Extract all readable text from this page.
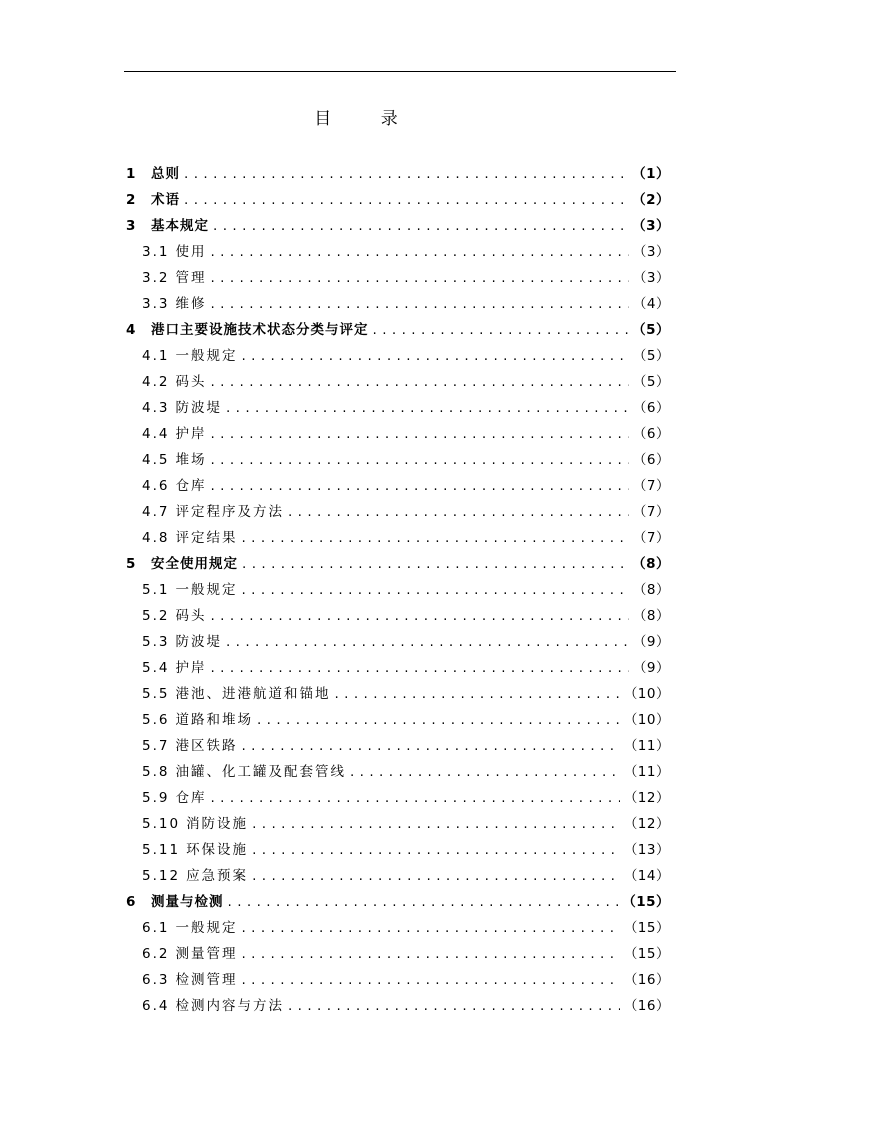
目 录
1	总则 .....	（1）
2	术语 .....	（2）
3	基本规定 .....	（3）
3.1 使用 .....	（3）
3.2 管理 .....	（3）
3.3 维修 .....	（4）
4	港口主要设施技术状态分类与评定 .....	（5）
4.1 一般规定 .....	（5）
4.2 码头 .....	（5）
4.3 防波堤 .....	（6）
4.4 护岸 .....	（6）
4.5 堆场 .....	（6）
4.6 仓库 .....	（7）
4.7 评定程序及方法 .....	（7）
4.8 评定结果 .....	（7）
5	安全使用规定 .....	（8）
5.1 一般规定 .....	（8）
5.2 码头 .....	（8）
5.3 防波堤 .....	（9）
5.4 护岸 .....	（9）
5.5 港池、进港航道和锚地 .....	（10）
5.6 道路和堆场 .....	（10）
5.7 港区铁路 .....	（11）
5.8 油罐、化工罐及配套管线 .....	（11）
5.9 仓库 .....	（12）
5.10 消防设施 .....	（12）
5.11 环保设施 .....	（13）
5.12 应急预案 .....	（14）
6	测量与检测 .....	（15）
6.1 一般规定 .....	（15）
6.2 测量管理 .....	（15）
6.3 检测管理 .....	（16）
6.4 检测内容与方法 .....	（16）
